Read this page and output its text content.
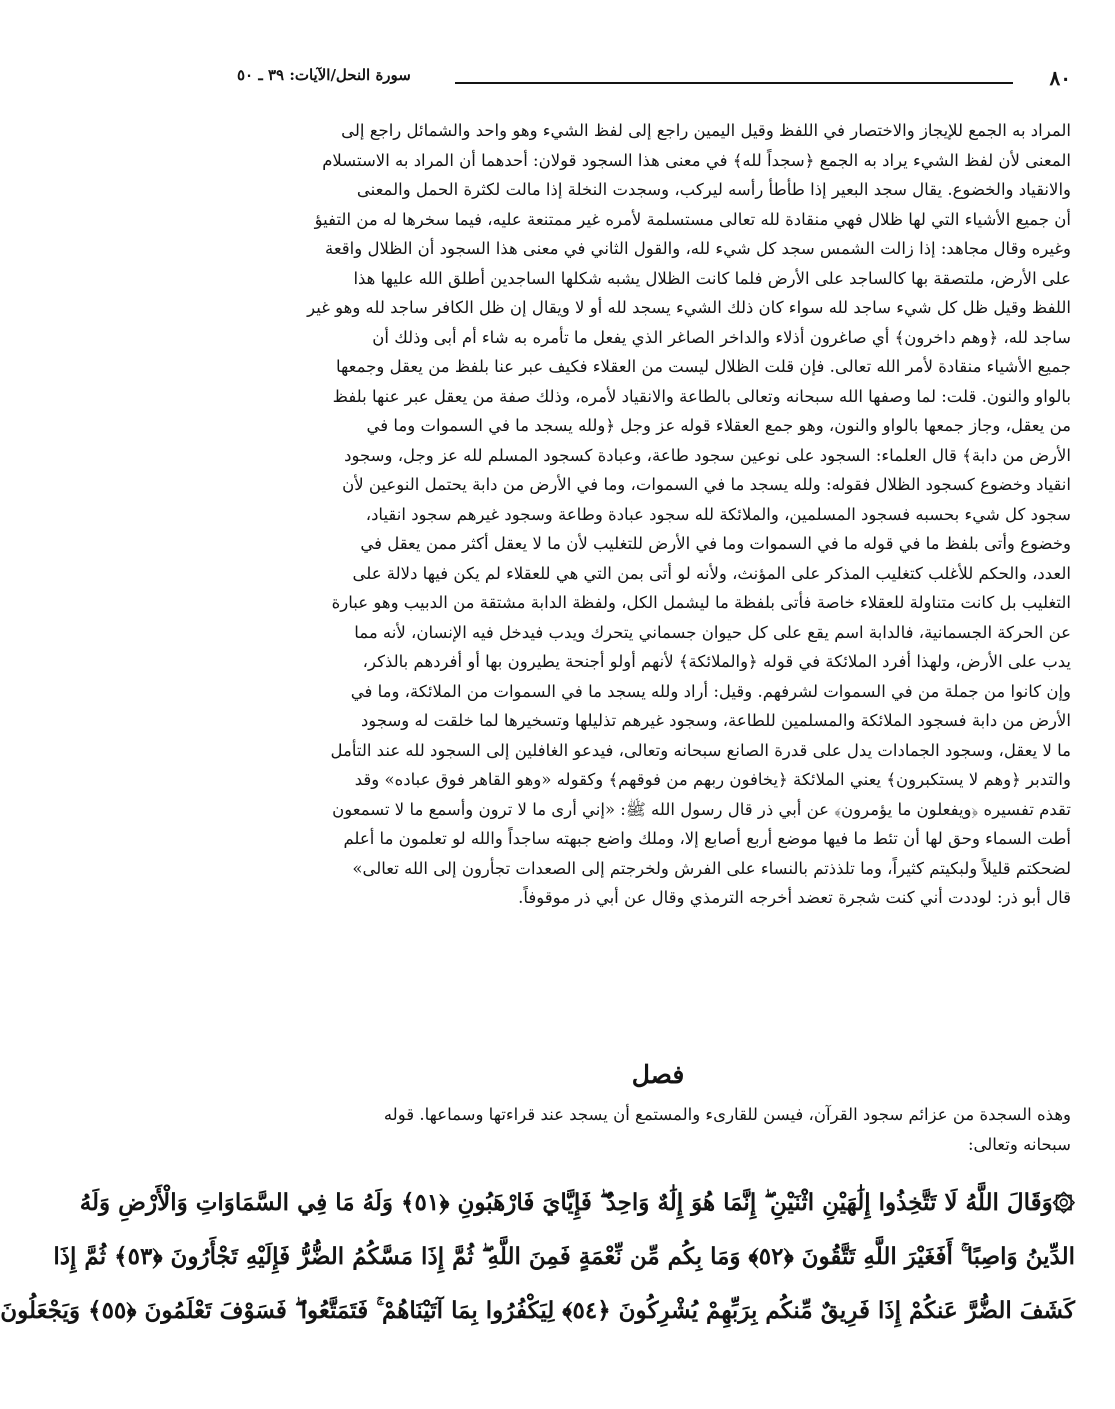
٨٠
سورة النحل/الآيات: ٣٩ ـ ٥٠
المراد به الجمع للإيجاز والاختصار في اللفظ وقيل اليمين راجع إلى لفظ الشيء وهو واحد والشمائل راجع إلى
المعنى لأن لفظ الشيء يراد به الجمع ﴿سجداً لله﴾ في معنى هذا السجود قولان: أحدهما أن المراد به الاستسلام
والانقياد والخضوع. يقال سجد البعير إذا طأطأ رأسه ليركب، وسجدت النخلة إذا مالت لكثرة الحمل والمعنى
أن جميع الأشياء التي لها ظلال فهي منقادة لله تعالى مستسلمة لأمره غير ممتنعة عليه، فيما سخرها له من التفيؤ
وغيره وقال مجاهد: إذا زالت الشمس سجد كل شيء لله، والقول الثاني في معنى هذا السجود أن الظلال واقعة
على الأرض، ملتصقة بها كالساجد على الأرض فلما كانت الظلال يشبه شكلها الساجدين أطلق الله عليها هذا
اللفظ وقيل ظل كل شيء ساجد لله سواء كان ذلك الشيء يسجد لله أو لا ويقال إن ظل الكافر ساجد لله وهو غير
ساجد لله، ﴿وهم داخرون﴾ أي صاغرون أذلاء والداخر الصاغر الذي يفعل ما تأمره به شاء أم أبى وذلك أن
جميع الأشياء منقادة لأمر الله تعالى. فإن قلت الظلال ليست من العقلاء فكيف عبر عنا بلفظ من يعقل وجمعها
بالواو والنون. قلت: لما وصفها الله سبحانه وتعالى بالطاعة والانقياد لأمره، وذلك صفة من يعقل عبر عنها بلفظ
من يعقل، وجاز جمعها بالواو والنون، وهو جمع العقلاء قوله عز وجل ﴿ولله يسجد ما في السموات وما في
الأرض من دابة﴾ قال العلماء: السجود على نوعين سجود طاعة، وعبادة كسجود المسلم لله عز وجل، وسجود
انقياد وخضوع كسجود الظلال فقوله: ولله يسجد ما في السموات، وما في الأرض من دابة يحتمل النوعين لأن
سجود كل شيء بحسبه فسجود المسلمين، والملائكة لله سجود عبادة وطاعة وسجود غيرهم سجود انقياد،
وخضوع وأتى بلفظ ما في قوله ما في السموات وما في الأرض للتغليب لأن ما لا يعقل أكثر ممن يعقل في
العدد، والحكم للأغلب كتغليب المذكر على المؤنث، ولأنه لو أتى بمن التي هي للعقلاء لم يكن فيها دلالة على
التغليب بل كانت متناولة للعقلاء خاصة فأتى بلفظة ما ليشمل الكل، ولفظة الدابة مشتقة من الدبيب وهو عبارة
عن الحركة الجسمانية، فالدابة اسم يقع على كل حيوان جسماني يتحرك ويدب فيدخل فيه الإنسان، لأنه مما
يدب على الأرض، ولهذا أفرد الملائكة في قوله ﴿والملائكة﴾ لأنهم أولو أجنحة يطيرون بها أو أفردهم بالذكر،
وإن كانوا من جملة من في السموات لشرفهم. وقيل: أراد ولله يسجد ما في السموات من الملائكة، وما في
الأرض من دابة فسجود الملائكة والمسلمين للطاعة، وسجود غيرهم تذليلها وتسخيرها لما خلقت له وسجود
ما لا يعقل، وسجود الجمادات يدل على قدرة الصانع سبحانه وتعالى، فيدعو الغافلين إلى السجود لله عند التأمل
والتدبر ﴿وهم لا يستكبرون﴾ يعني الملائكة ﴿يخافون ربهم من فوقهم﴾ وكقوله «وهو القاهر فوق عباده» وقد
تقدم تفسيره ﴿ويفعلون ما يؤمرون﴾ عن أبي ذر قال رسول الله ﷺ: «إني أرى ما لا ترون وأسمع ما لا تسمعون
أطت السماء وحق لها أن تئط ما فيها موضع أربع أصابع إلا، وملك واضع جبهته ساجداً والله لو تعلمون ما أعلم
لضحكتم قليلاً ولبكيتم كثيراً، وما تلذذتم بالنساء على الفرش ولخرجتم إلى الصعدات تجأرون إلى الله تعالى»
قال أبو ذر: لوددت أني كنت شجرة تعضد أخرجه الترمذي وقال عن أبي ذر موقوفاً.
فصل
وهذه السجدة من عزائم سجود القرآن، فيسن للقارىء والمستمع أن يسجد عند قراءتها وسماعها. قوله
سبحانه وتعالى:
۞وَقَالَ اللَّهُ لَا تَتَّخِذُوا إِلَٰهَيْنِ اثْنَيْنِ ۖ إِنَّمَا هُوَ إِلَٰهٌ وَاحِدٌ ۖ فَإِيَّايَ فَارْهَبُونِ ﴿٥١﴾ وَلَهُ مَا فِي السَّمَاوَاتِ وَالْأَرْضِ وَلَهُ
الدِّينُ وَاصِبًا ۚ أَفَغَيْرَ اللَّهِ تَتَّقُونَ ﴿٥٢﴾ وَمَا بِكُم مِّن نِّعْمَةٍ فَمِنَ اللَّهِ ۖ ثُمَّ إِذَا مَسَّكُمُ الضُّرُّ فَإِلَيْهِ تَجْأَرُونَ ﴿٥٣﴾ ثُمَّ إِذَا
كَشَفَ الضُّرَّ عَنكُمْ إِذَا فَرِيقٌ مِّنكُم بِرَبِّهِمْ يُشْرِكُونَ ﴿٥٤﴾ لِيَكْفُرُوا بِمَا آتَيْنَاهُمْ ۚ فَتَمَتَّعُوا ۖ فَسَوْفَ تَعْلَمُونَ ﴿٥٥﴾ وَيَجْعَلُونَ
